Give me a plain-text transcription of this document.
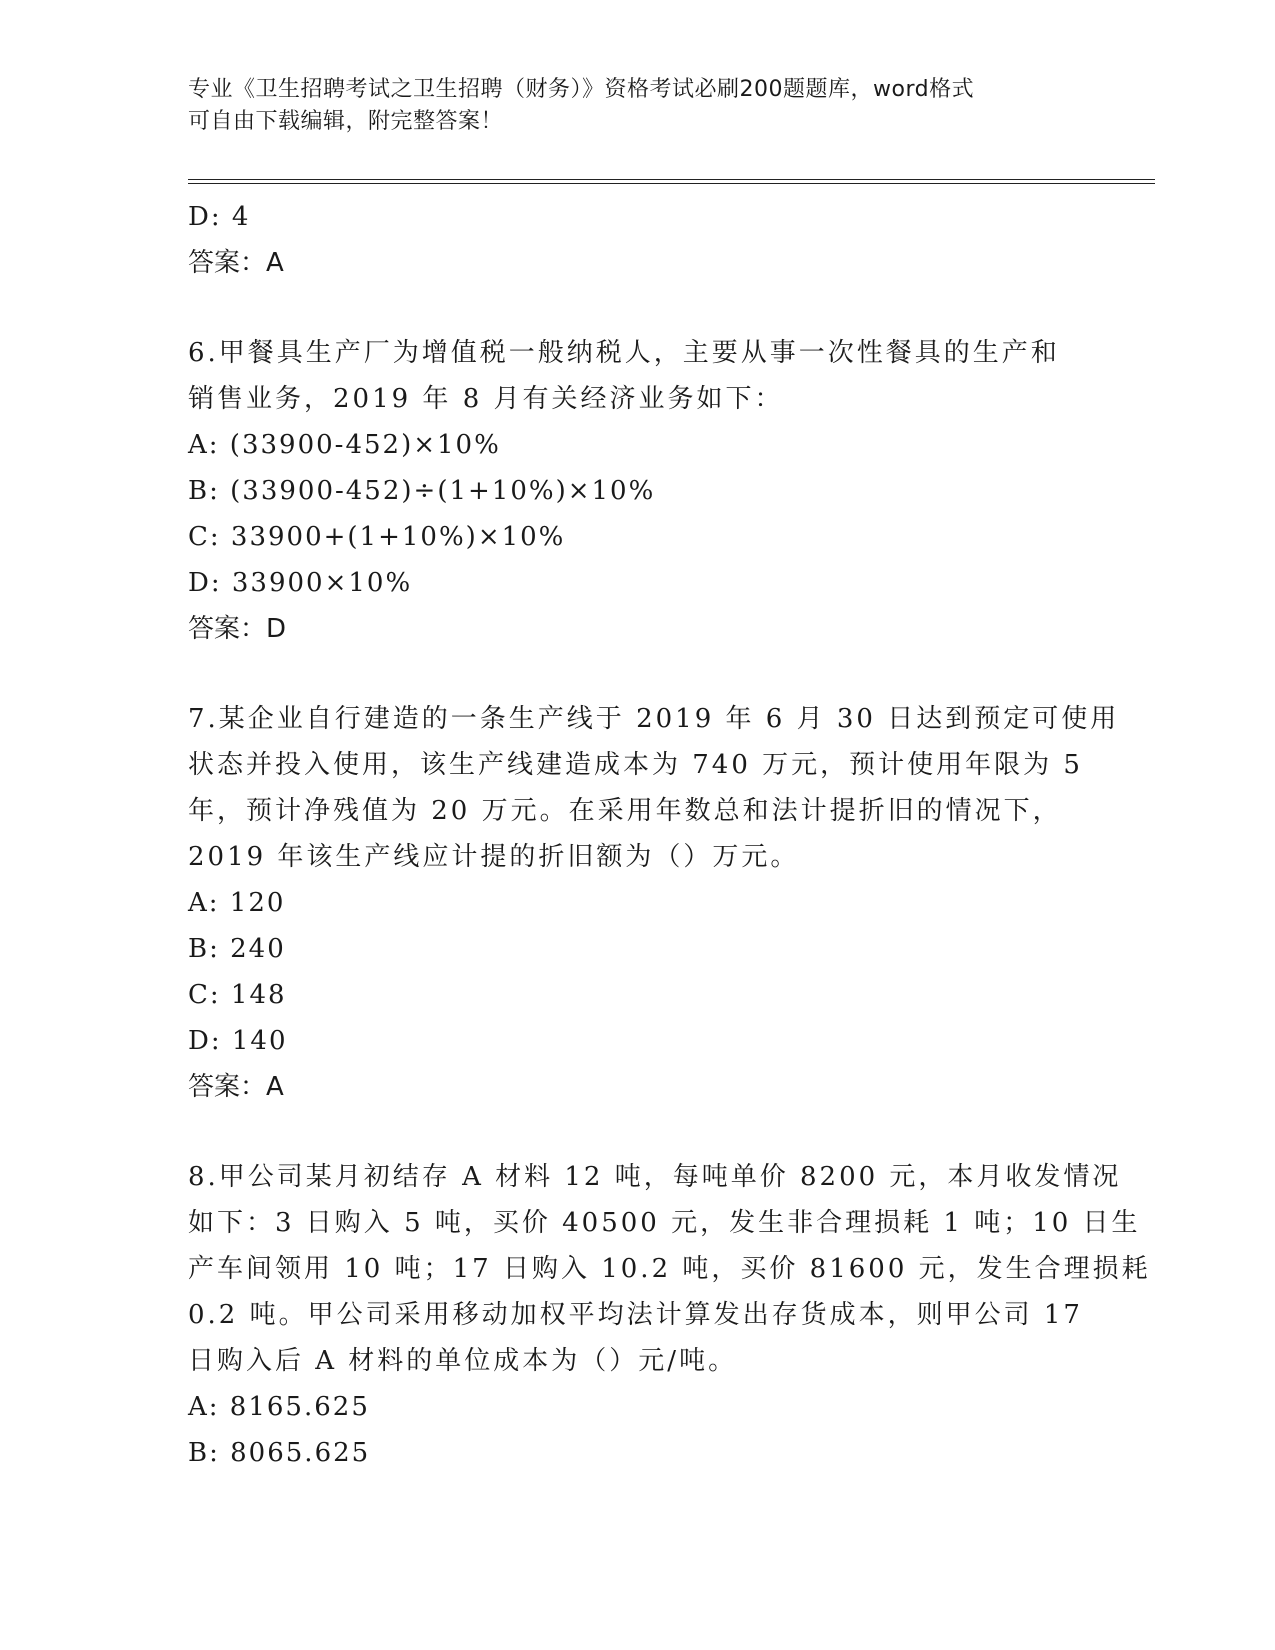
专业《卫生招聘考试之卫生招聘（财务）》资格考试必刷200题题库，word格式
可自由下载编辑，附完整答案！
D: 4
答案：A
6.甲餐具生产厂为增值税一般纳税人，主要从事一次性餐具的生产和
销售业务，2019 年 8 月有关经济业务如下：
A: (33900-452)×10%
B: (33900-452)÷(1+10%)×10%
C: 33900+(1+10%)×10%
D: 33900×10%
答案：D
7.某企业自行建造的一条生产线于 2019 年 6 月 30 日达到预定可使用
状态并投入使用，该生产线建造成本为 740 万元，预计使用年限为 5
年，预计净残值为 20 万元。在采用年数总和法计提折旧的情况下，
2019 年该生产线应计提的折旧额为（）万元。
A: 120
B: 240
C: 148
D: 140
答案：A
8.甲公司某月初结存 A 材料 12 吨，每吨单价 8200 元，本月收发情况
如下：3 日购入 5 吨，买价 40500 元，发生非合理损耗 1 吨；10 日生
产车间领用 10 吨；17 日购入 10.2 吨，买价 81600 元，发生合理损耗
0.2 吨。甲公司采用移动加权平均法计算发出存货成本，则甲公司 17
日购入后 A 材料的单位成本为（）元/吨。
A: 8165.625
B: 8065.625
